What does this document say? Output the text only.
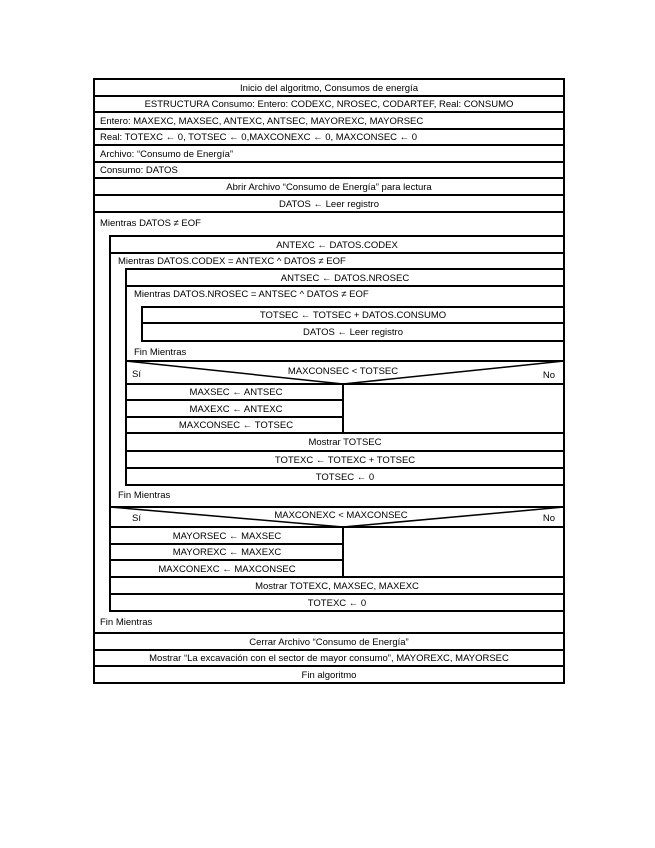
Inicio del algoritmo, Consumos de energía
ESTRUCTURA Consumo: Entero: CODEXC, NROSEC, CODARTEF, Real: CONSUMO
Entero: MAXEXC, MAXSEC, ANTEXC, ANTSEC, MAYOREXC, MAYORSEC
Real: TOTEXC ← 0, TOTSEC ← 0,MAXCONEXC ← 0, MAXCONSEC ← 0
Archivo: “Consumo de Energía”
Consumo: DATOS
Abrir Archivo “Consumo de Energía” para lectura
DATOS ← Leer registro
Mientras DATOS ≠ EOF
ANTEXC ← DATOS.CODEX
Mientras DATOS.CODEX = ANTEXC ^ DATOS ≠ EOF
ANTSEC ← DATOS.NROSEC
Mientras DATOS.NROSEC = ANTSEC ^ DATOS ≠ EOF
TOTSEC ← TOTSEC + DATOS.CONSUMO
DATOS ← Leer registro
Fin Mientras
Sí	No
MAXCONSEC < TOTSEC
MAXSEC ← ANTSEC
MAXEXC ← ANTEXC
MAXCONSEC ← TOTSEC
Mostrar TOTSEC
TOTEXC ← TOTEXC + TOTSEC
TOTSEC ← 0
Fin Mientras
Sí	No
MAXCONEXC < MAXCONSEC
MAYORSEC ← MAXSEC
MAYOREXC ← MAXEXC
MAXCONEXC ← MAXCONSEC
Mostrar TOTEXC, MAXSEC, MAXEXC
TOTEXC ← 0
Fin Mientras
Cerrar Archivo “Consumo de Energía”
Mostrar “La excavación con el sector de mayor consumo”, MAYOREXC, MAYORSEC
Fin algoritmo
